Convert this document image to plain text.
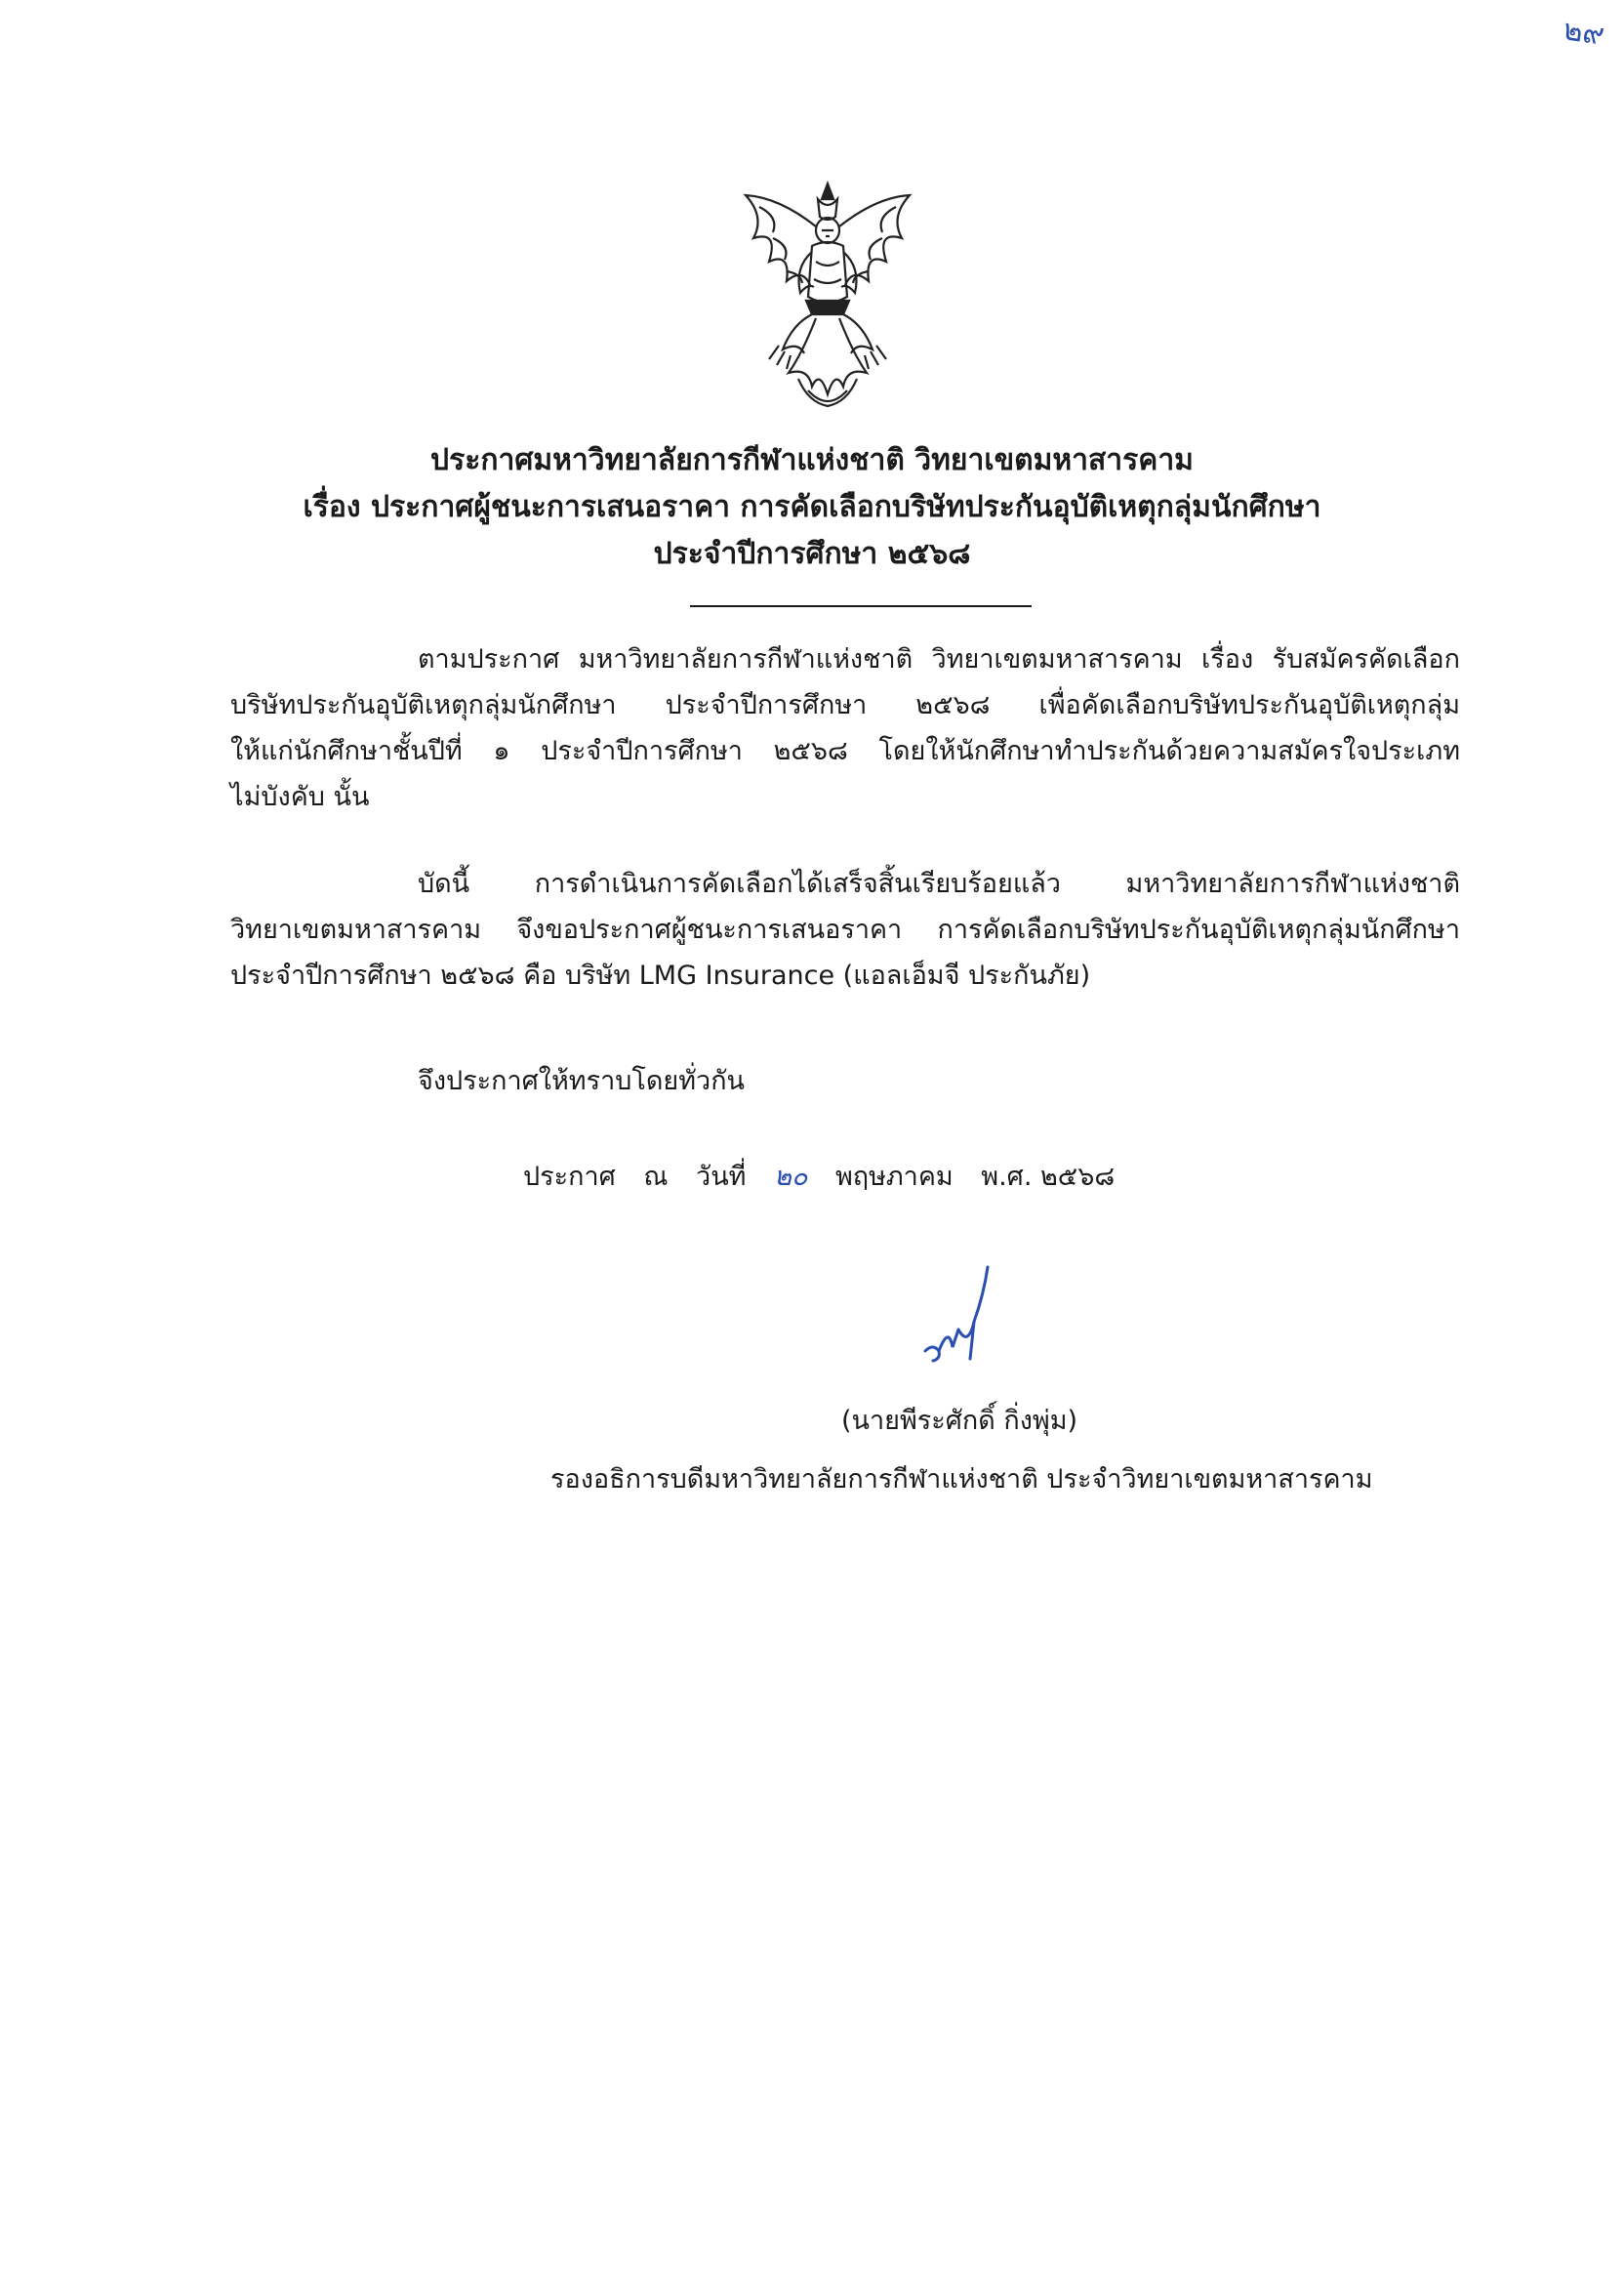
๒๙
ประกาศมหาวิทยาลัยการกีฬาแห่งชาติ วิทยาเขตมหาสารคาม
เรื่อง ประกาศผู้ชนะการเสนอราคา การคัดเลือกบริษัทประกันอุบัติเหตุกลุ่มนักศึกษา
ประจำปีการศึกษา ๒๕๖๘
ตามประกาศ มหาวิทยาลัยการกีฬาแห่งชาติ วิทยาเขตมหาสารคาม เรื่อง รับสมัครคัดเลือก
บริษัทประกันอุบัติเหตุกลุ่มนักศึกษา ประจำปีการศึกษา ๒๕๖๘ เพื่อคัดเลือกบริษัทประกันอุบัติเหตุกลุ่ม
ให้แก่นักศึกษาชั้นปีที่ ๑ ประจำปีการศึกษา ๒๕๖๘ โดยให้นักศึกษาทำประกันด้วยความสมัครใจประเภท
ไม่บังคับ นั้น
บัดนี้ การดำเนินการคัดเลือกได้เสร็จสิ้นเรียบร้อยแล้ว มหาวิทยาลัยการกีฬาแห่งชาติ
วิทยาเขตมหาสารคาม จึงขอประกาศผู้ชนะการเสนอราคา การคัดเลือกบริษัทประกันอุบัติเหตุกลุ่มนักศึกษา
ประจำปีการศึกษา ๒๕๖๘ คือ บริษัท LMG Insurance (แอลเอ็มจี ประกันภัย)
จึงประกาศให้ทราบโดยทั่วกัน
ประกาศ ณ วันที่ ๒๐ พฤษภาคม พ.ศ. ๒๕๖๘
(นายพีระศักดิ์ กิ่งพุ่ม)
รองอธิการบดีมหาวิทยาลัยการกีฬาแห่งชาติ ประจำวิทยาเขตมหาสารคาม
